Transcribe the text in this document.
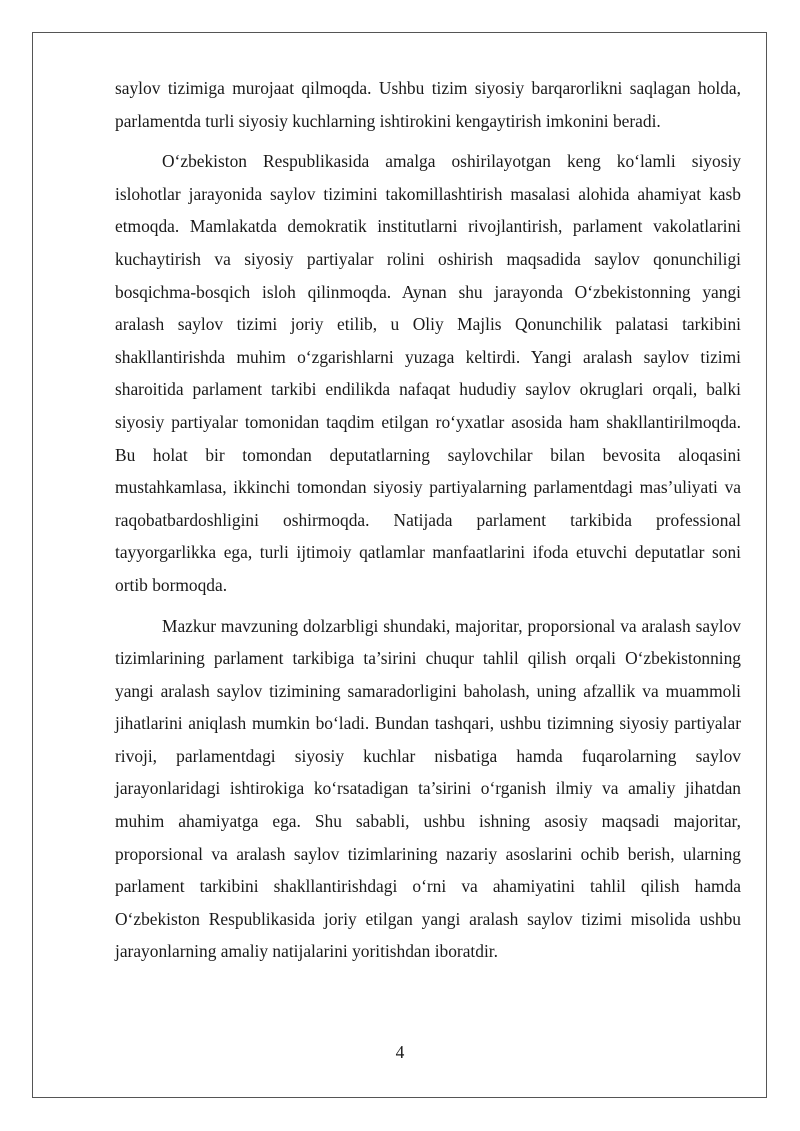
saylov tizimiga murojaat qilmoqda. Ushbu tizim siyosiy barqarorlikni saqlagan holda, parlamentda turli siyosiy kuchlarning ishtirokini kengaytirish imkonini beradi.

O‘zbekiston Respublikasida amalga oshirilayotgan keng ko‘lamli siyosiy islohotlar jarayonida saylov tizimini takomillashtirish masalasi alohida ahamiyat kasb etmoqda. Mamlakatda demokratik institutlarni rivojlantirish, parlament vakolatlarini kuchaytirish va siyosiy partiyalar rolini oshirish maqsadida saylov qonunchiligi bosqichma-bosqich isloh qilinmoqda. Aynan shu jarayonda O‘zbekistonning yangi aralash saylov tizimi joriy etilib, u Oliy Majlis Qonunchilik palatasi tarkibini shakllantirishda muhim o‘zgarishlarni yuzaga keltirdi. Yangi aralash saylov tizimi sharoitida parlament tarkibi endilikda nafaqat hududiy saylov okruglari orqali, balki siyosiy partiyalar tomonidan taqdim etilgan ro‘yxatlar asosida ham shakllantirilmoqda. Bu holat bir tomondan deputatlarning saylovchilar bilan bevosita aloqasini mustahkamlasa, ikkinchi tomondan siyosiy partiyalarning parlamentdagi mas’uliyati va raqobatbardoshligini oshirmoqda. Natijada parlament tarkibida professional tayyorgarlikka ega, turli ijtimoiy qatlamlar manfaatlarini ifoda etuvchi deputatlar soni ortib bormoqda.

Mazkur mavzuning dolzarbligi shundaki, majoritar, proporsional va aralash saylov tizimlarining parlament tarkibiga ta’sirini chuqur tahlil qilish orqali O‘zbekistonning yangi aralash saylov tizimining samaradorligini baholash, uning afzallik va muammoli jihatlarini aniqlash mumkin bo‘ladi. Bundan tashqari, ushbu tizimning siyosiy partiyalar rivoji, parlamentdagi siyosiy kuchlar nisbatiga hamda fuqarolarning saylov jarayonlaridagi ishtirokiga ko‘rsatadigan ta’sirini o‘rganish ilmiy va amaliy jihatdan muhim ahamiyatga ega. Shu sababli, ushbu ishning asosiy maqsadi majoritar, proporsional va aralash saylov tizimlarining nazariy asoslarini ochib berish, ularning parlament tarkibini shakllantirishdagi o‘rni va ahamiyatini tahlil qilish hamda O‘zbekiston Respublikasida joriy etilgan yangi aralash saylov tizimi misolida ushbu jarayonlarning amaliy natijalarini yoritishdan iboratdir.

4
